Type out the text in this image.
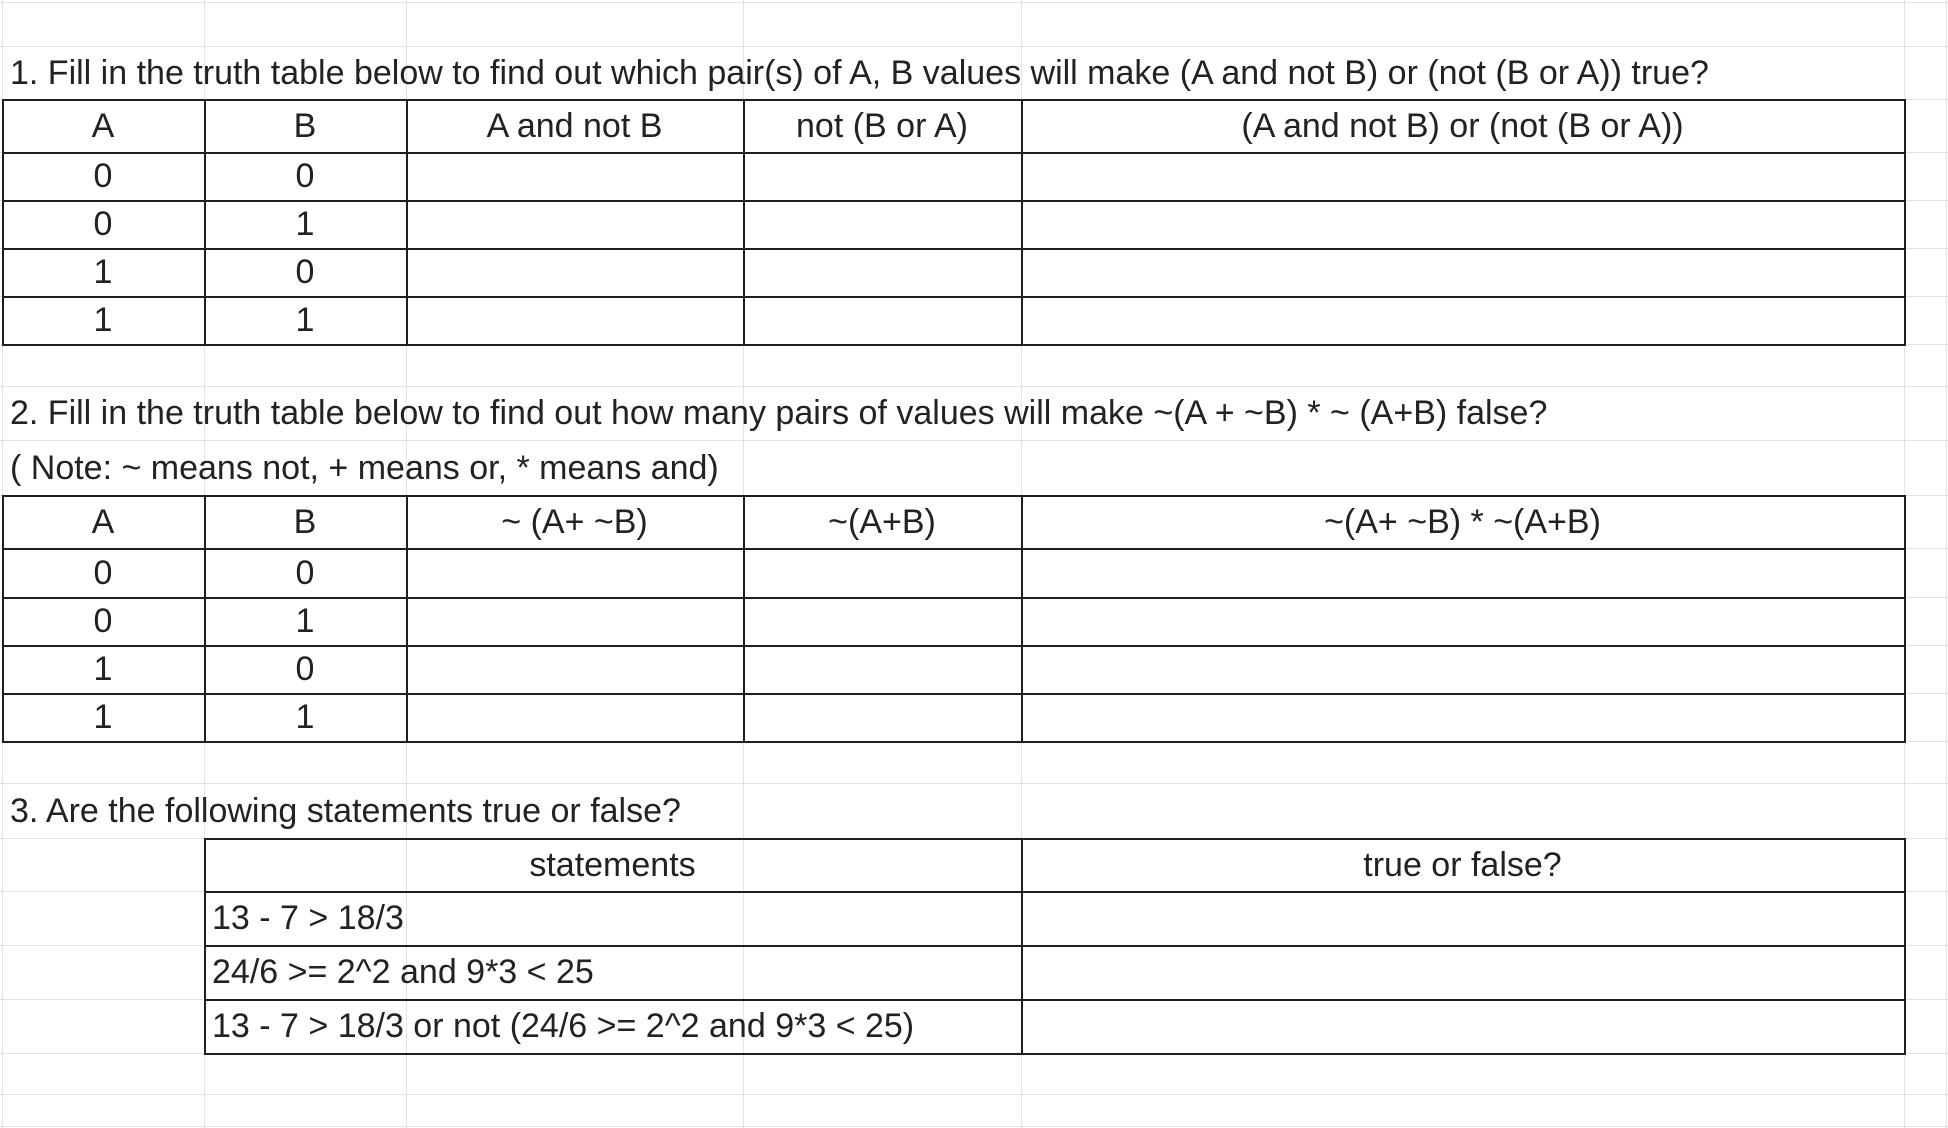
1. Fill in the truth table below to find out which pair(s) of A, B values will make (A and not B) or (not (B or A)) true?
A	B	A and not B	not (B or A)	(A and not B) or (not (B or A))
0	0
0	1
1	0
1	1
2. Fill in the truth table below to find out how many pairs of values will make ~(A + ~B) * ~ (A+B) false?
( Note: ~ means not, + means or, * means and)
A	B	~ (A+ ~B)	~(A+B)	~(A+ ~B) * ~(A+B)
0	0
0	1
1	0
1	1
3. Are the following statements true or false?
statements	true or false?
13 - 7 > 18/3
24/6 >= 2^2 and 9*3 < 25
13 - 7 > 18/3 or not (24/6 >= 2^2 and 9*3 < 25)
